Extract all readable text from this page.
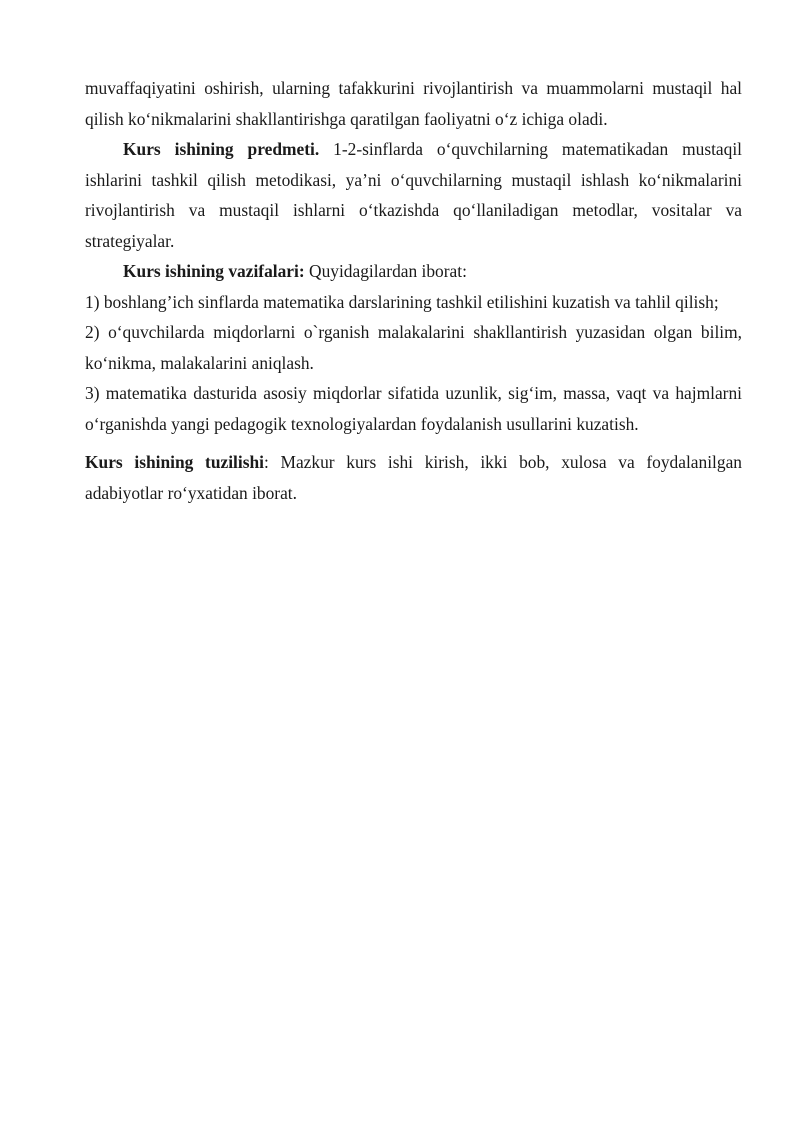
muvaffaqiyatini oshirish, ularning tafakkurini rivojlantirish va muammolarni mustaqil hal qilish ko‘nikmalarini shakllantirishga qaratilgan faoliyatni o‘z ichiga oladi.

Kurs ishining predmeti. 1-2-sinflarda o‘quvchilarning matematikadan mustaqil ishlarini tashkil qilish metodikasi, ya’ni o‘quvchilarning mustaqil ishlash ko‘nikmalarini rivojlantirish va mustaqil ishlarni o‘tkazishda qo‘llaniladigan metodlar, vositalar va strategiyalar.

Kurs ishining vazifalari: Quyidagilardan iborat:

1) boshlang’ich sinflarda matematika darslarining tashkil etilishini kuzatish va tahlil qilish;

2) o‘quvchilarda miqdorlarni o`rganish malakalarini shakllantirish yuzasidan olgan bilim, ko‘nikma, malakalarini aniqlash.

3) matematika dasturida asosiy miqdorlar sifatida uzunlik, sig‘im, massa, vaqt va hajmlarni o‘rganishda yangi pedagogik texnologiyalardan foydalanish usullarini kuzatish.

Kurs ishining tuzilishi: Mazkur kurs ishi kirish, ikki bob, xulosa va foydalanilgan adabiyotlar ro‘yxatidan iborat.
